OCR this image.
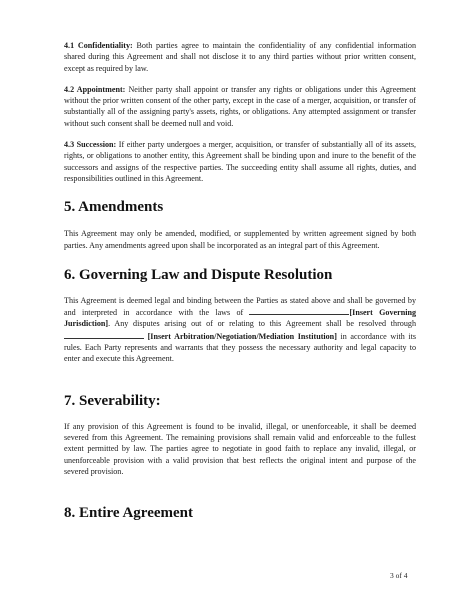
4.1 Confidentiality: Both parties agree to maintain the confidentiality of any confidential information shared during this Agreement and shall not disclose it to any third parties without prior written consent, except as required by law.

4.2 Appointment: Neither party shall appoint or transfer any rights or obligations under this Agreement without the prior written consent of the other party, except in the case of a merger, acquisition, or transfer of substantially all of the assigning party's assets, rights, or obligations. Any attempted assignment or transfer without such consent shall be deemed null and void.

4.3 Succession: If either party undergoes a merger, acquisition, or transfer of substantially all of its assets, rights, or obligations to another entity, this Agreement shall be binding upon and inure to the benefit of the successors and assigns of the respective parties. The succeeding entity shall assume all rights, duties, and responsibilities outlined in this Agreement.

5. Amendments

This Agreement may only be amended, modified, or supplemented by written agreement signed by both parties. Any amendments agreed upon shall be incorporated as an integral part of this Agreement.

6. Governing Law and Dispute Resolution

This Agreement is deemed legal and binding between the Parties as stated above and shall be governed by and interpreted in accordance with the laws of	[Insert Governing Jurisdiction]. Any disputes arising out of or relating to this Agreement shall be resolved through  [Insert Arbitration/Negotiation/Mediation Institution] in accordance with its rules. Each Party represents and warrants that they possess the necessary authority and legal capacity to enter and execute this Agreement.

7. Severability:

If any provision of this Agreement is found to be invalid, illegal, or unenforceable, it shall be deemed severed from this Agreement. The remaining provisions shall remain valid and enforceable to the fullest extent permitted by law. The parties agree to negotiate in good faith to replace any invalid, illegal, or unenforceable provision with a valid provision that best reflects the original intent and purpose of the severed provision.

8. Entire Agreement
3 of 4
